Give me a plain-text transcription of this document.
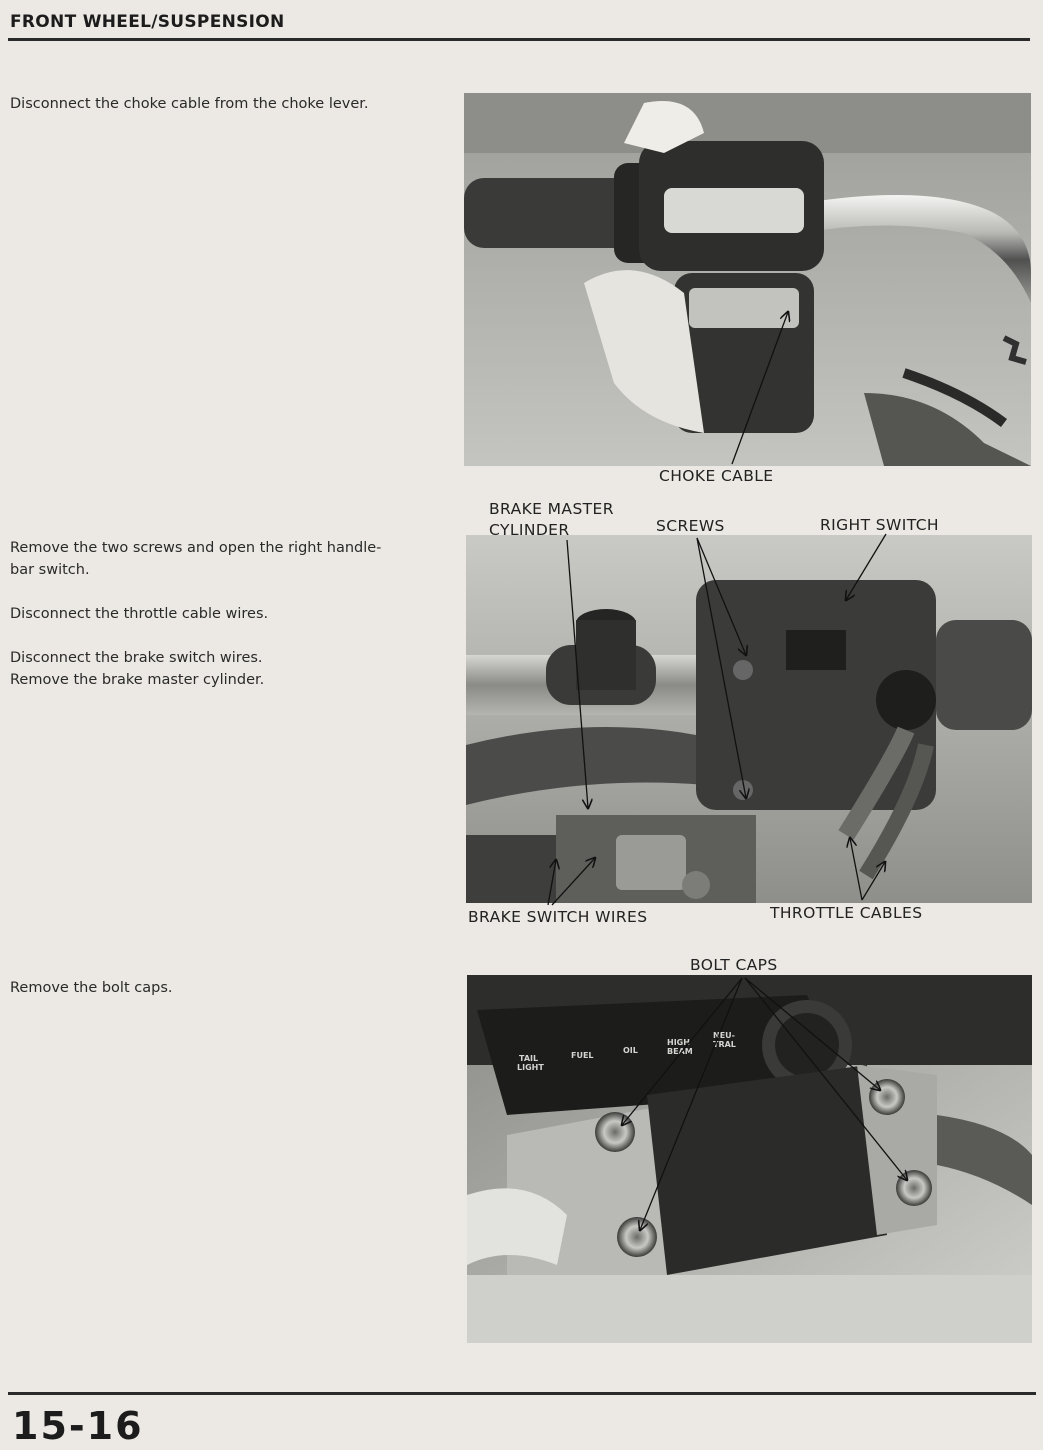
FRONT WHEEL/SUSPENSION

Disconnect the choke cable from the choke lever.

Remove the two screws and open the right handle-

bar switch.

Disconnect the throttle cable wires.

Disconnect the brake switch wires.

Remove the brake master cylinder.

Remove the bolt caps.

TAIL
LIGHT
FUEL
OIL
HIGH
BEAM
NEU-
TRAL
CHOKE CABLE
BRAKE MASTER
CYLINDER	SCREWS	RIGHT SWITCH
BRAKE SWITCH WIRES	THROTTLE CABLES
BOLT CAPS
15-16
